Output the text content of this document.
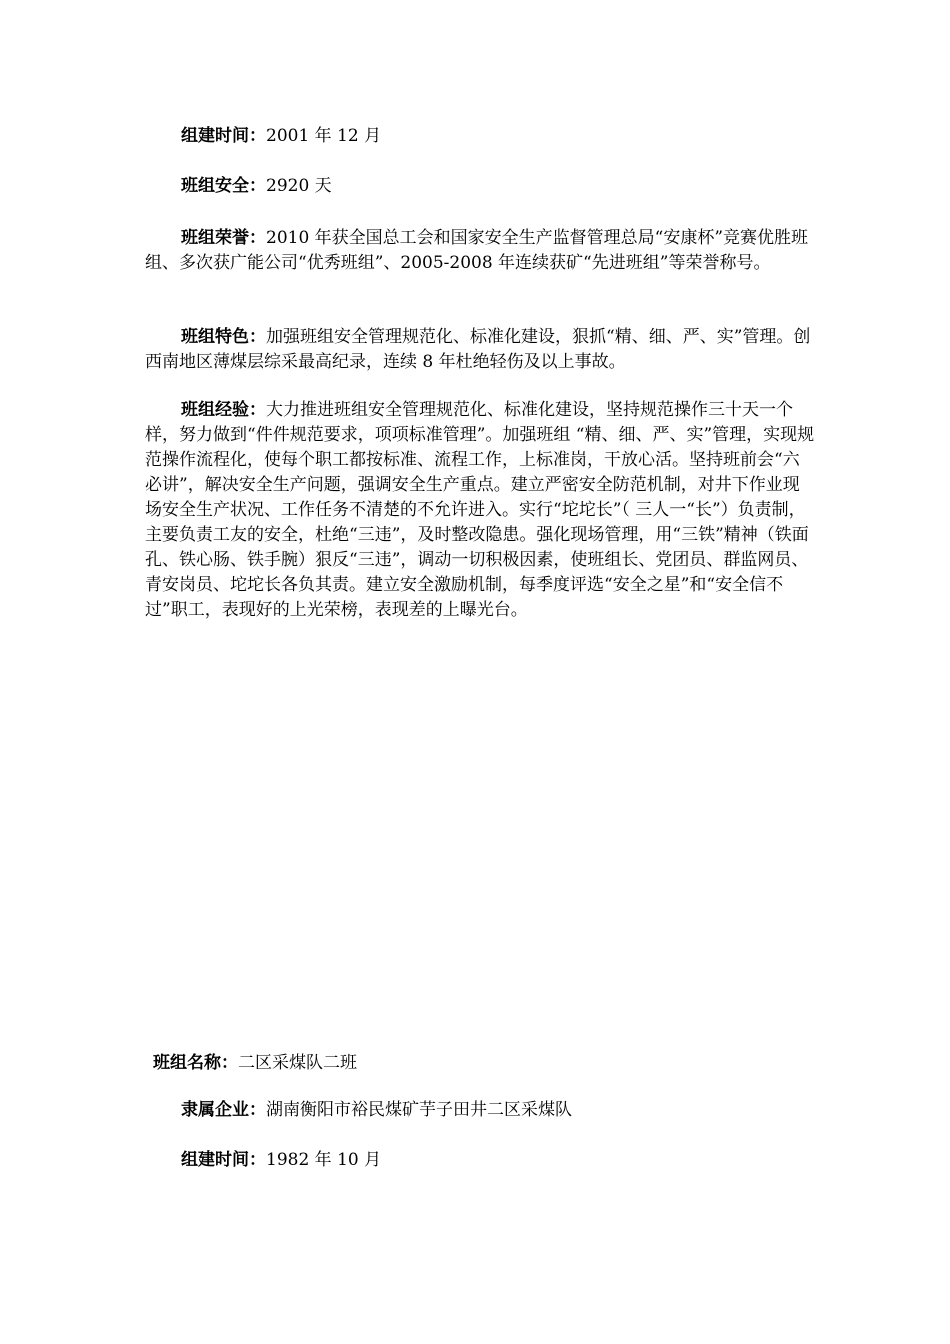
组建时间：2001 年 12 月

班组安全：2920 天

班组荣誉：2010 年获全国总工会和国家安全生产监督管理总局“安康杯”竞赛优胜班组、多次获广能公司“优秀班组”、2005-2008 年连续获矿“先进班组”等荣誉称号。

班组特色：加强班组安全管理规范化、标准化建设，狠抓“精、细、严、实”管理。创西南地区薄煤层综采最高纪录，连续 8 年杜绝轻伤及以上事故。

班组经验：大力推进班组安全管理规范化、标准化建设，坚持规范操作三十天一个样，努力做到“件件规范要求，项项标准管理”。加强班组 “精、细、严、实”管理，实现规范操作流程化，使每个职工都按标准、流程工作，上标准岗，干放心活。坚持班前会“六必讲”，解决安全生产问题，强调安全生产重点。建立严密安全防范机制，对井下作业现场安全生产状况、工作任务不清楚的不允许进入。实行“坨坨长”（ 三人一“长”）负责制，主要负责工友的安全，杜绝“三违”，及时整改隐患。强化现场管理，用“三铁”精神（铁面孔、铁心肠、铁手腕）狠反“三违”，调动一切积极因素，使班组长、党团员、群监网员、青安岗员、坨坨长各负其责。建立安全激励机制，每季度评选“安全之星”和“安全信不过”职工，表现好的上光荣榜，表现差的上曝光台。

班组名称：二区采煤队二班

隶属企业：湖南衡阳市裕民煤矿芋子田井二区采煤队

组建时间：1982 年 10 月
